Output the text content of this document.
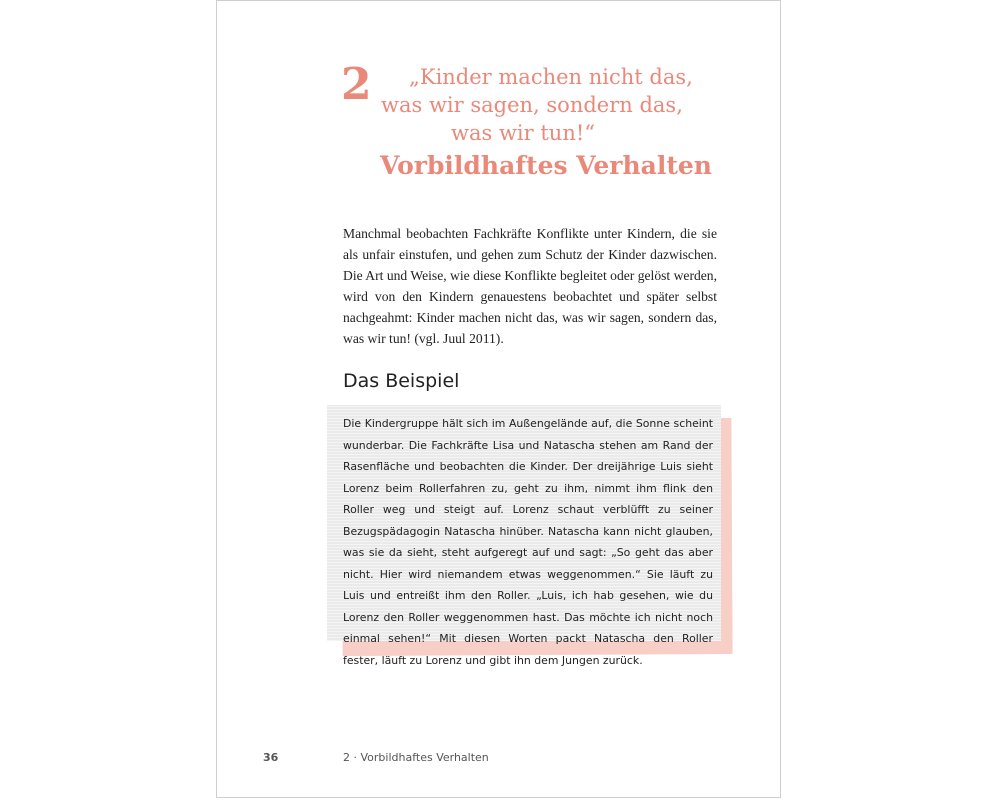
2	„Kinder machen nicht das,
was wir sagen, sondern das,
was wir tun!“
Vorbildhaftes Verhalten

Manchmal beobachten Fachkräfte Konflikte unter Kindern, die sie als unfair einstufen, und gehen zum Schutz der Kinder dazwischen. Die Art und Weise, wie diese Konflikte begleitet oder gelöst werden, wird von den Kindern genauestens beobachtet und später selbst nachgeahmt: Kinder machen nicht das, was wir sagen, sondern das, was wir tun! (vgl. Juul 2011).

Das Beispiel

Die Kindergruppe hält sich im Außengelände auf, die Sonne scheint wunderbar. Die Fachkräfte Lisa und Natascha stehen am Rand der Rasenfläche und beobachten die Kinder. Der dreijährige Luis sieht Lorenz beim Rollerfahren zu, geht zu ihm, nimmt ihm flink den Roller weg und steigt auf. Lorenz schaut verblüfft zu seiner Bezugspädagogin Natascha hinüber. Natascha kann nicht glauben, was sie da sieht, steht aufgeregt auf und sagt: „So geht das aber nicht. Hier wird niemandem etwas weggenommen.“ Sie läuft zu Luis und entreißt ihm den Roller. „Luis, ich hab gesehen, wie du Lorenz den Roller weggenommen hast. Das möchte ich nicht noch einmal sehen!“ Mit diesen Worten packt Natascha den Roller fester, läuft zu Lorenz und gibt ihn dem Jungen zurück.

36	2 · Vorbildhaftes Verhalten
